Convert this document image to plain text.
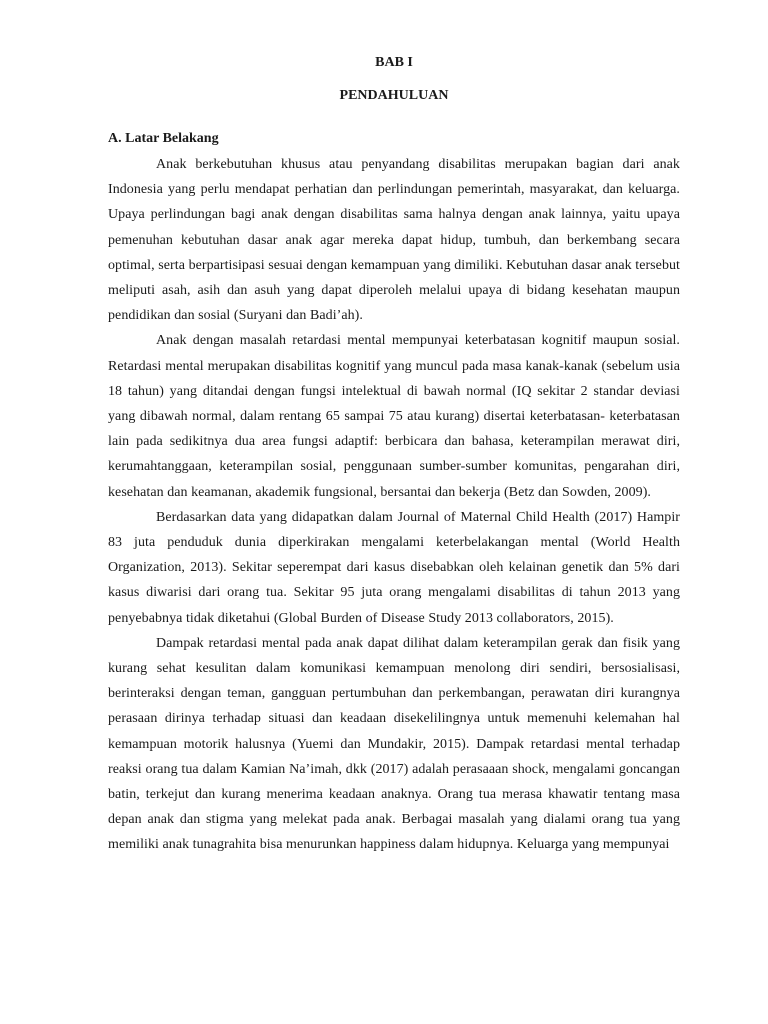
BAB I

PENDAHULUAN

A. Latar Belakang

Anak berkebutuhan khusus atau penyandang disabilitas merupakan bagian dari anak Indonesia yang perlu mendapat perhatian dan perlindungan pemerintah, masyarakat, dan keluarga. Upaya perlindungan bagi anak dengan disabilitas sama halnya dengan anak lainnya, yaitu upaya pemenuhan kebutuhan dasar anak agar mereka dapat hidup, tumbuh, dan berkembang secara optimal, serta berpartisipasi sesuai dengan kemampuan yang dimiliki. Kebutuhan dasar anak tersebut meliputi asah, asih dan asuh yang dapat diperoleh melalui upaya di bidang kesehatan maupun pendidikan dan sosial (Suryani dan Badi’ah).

Anak dengan masalah retardasi mental mempunyai keterbatasan kognitif maupun sosial. Retardasi mental merupakan disabilitas kognitif yang muncul pada masa kanak-kanak (sebelum usia 18 tahun) yang ditandai dengan fungsi intelektual di bawah normal (IQ sekitar 2 standar deviasi yang dibawah normal, dalam rentang 65 sampai 75 atau kurang) disertai keterbatasan- keterbatasan lain pada sedikitnya dua area fungsi adaptif: berbicara dan bahasa, keterampilan merawat diri, kerumahtanggaan, keterampilan sosial, penggunaan sumber-sumber komunitas, pengarahan diri, kesehatan dan keamanan, akademik fungsional, bersantai dan bekerja (Betz dan Sowden, 2009).

Berdasarkan data yang didapatkan dalam Journal of Maternal Child Health (2017) Hampir 83 juta penduduk dunia diperkirakan mengalami keterbelakangan mental (World Health Organization, 2013). Sekitar seperempat dari kasus disebabkan oleh kelainan genetik dan 5% dari kasus diwarisi dari orang tua. Sekitar 95 juta orang mengalami disabilitas di tahun 2013 yang penyebabnya tidak diketahui (Global Burden of Disease Study 2013 collaborators, 2015).

Dampak retardasi mental pada anak dapat dilihat dalam keterampilan gerak dan fisik yang kurang sehat kesulitan dalam komunikasi kemampuan menolong diri sendiri, bersosialisasi, berinteraksi dengan teman, gangguan pertumbuhan dan perkembangan, perawatan diri kurangnya perasaan dirinya terhadap situasi dan keadaan disekelilingnya untuk memenuhi kelemahan hal kemampuan motorik halusnya (Yuemi dan Mundakir, 2015). Dampak retardasi mental terhadap reaksi orang tua dalam Kamian Na’imah, dkk (2017) adalah perasaaan shock, mengalami goncangan batin, terkejut dan kurang menerima keadaan anaknya. Orang tua merasa khawatir tentang masa depan anak dan stigma yang melekat pada anak. Berbagai masalah yang dialami orang tua yang memiliki anak tunagrahita bisa menurunkan happiness dalam hidupnya. Keluarga yang mempunyai
